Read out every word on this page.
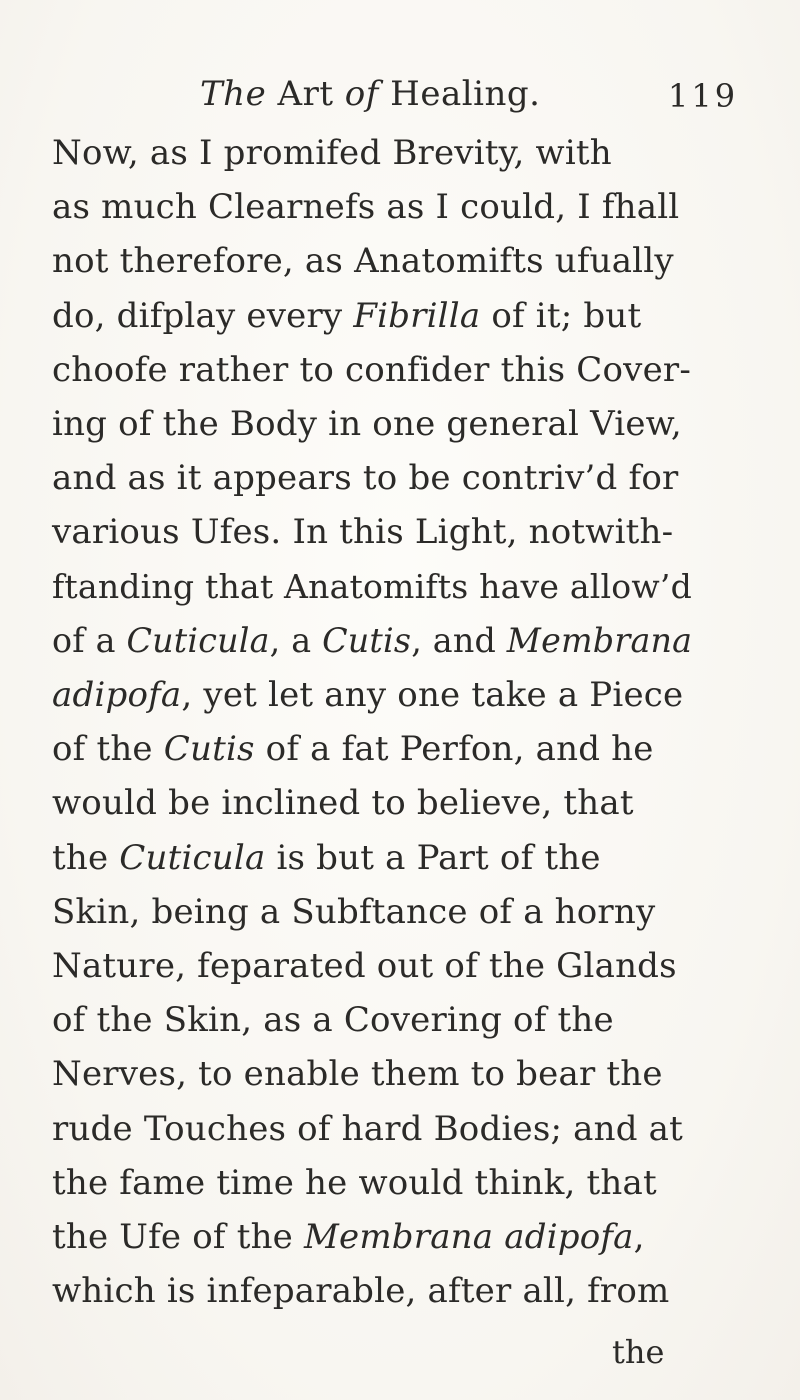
The Art of Healing.	119
Now, as I promifed Brevity, with
as much Clearnefs as I could, I fhall
not therefore, as Anatomifts ufually
do, difplay every Fibrilla of it; but
choofe rather to confider this Cover-
ing of the Body in one general View,
and as it appears to be contriv’d for
various Ufes. In this Light, notwith-
ftanding that Anatomifts have allow’d
of a Cuticula, a Cutis, and Membrana
adipofa, yet let any one take a Piece
of the Cutis of a fat Perfon, and he
would be inclined to believe, that
the Cuticula is but a Part of the
Skin, being a Subftance of a horny
Nature, feparated out of the Glands
of the Skin, as a Covering of the
Nerves, to enable them to bear the
rude Touches of hard Bodies; and at
the fame time he would think, that
the Ufe of the Membrana adipofa,
which is infeparable, after all, from
the
